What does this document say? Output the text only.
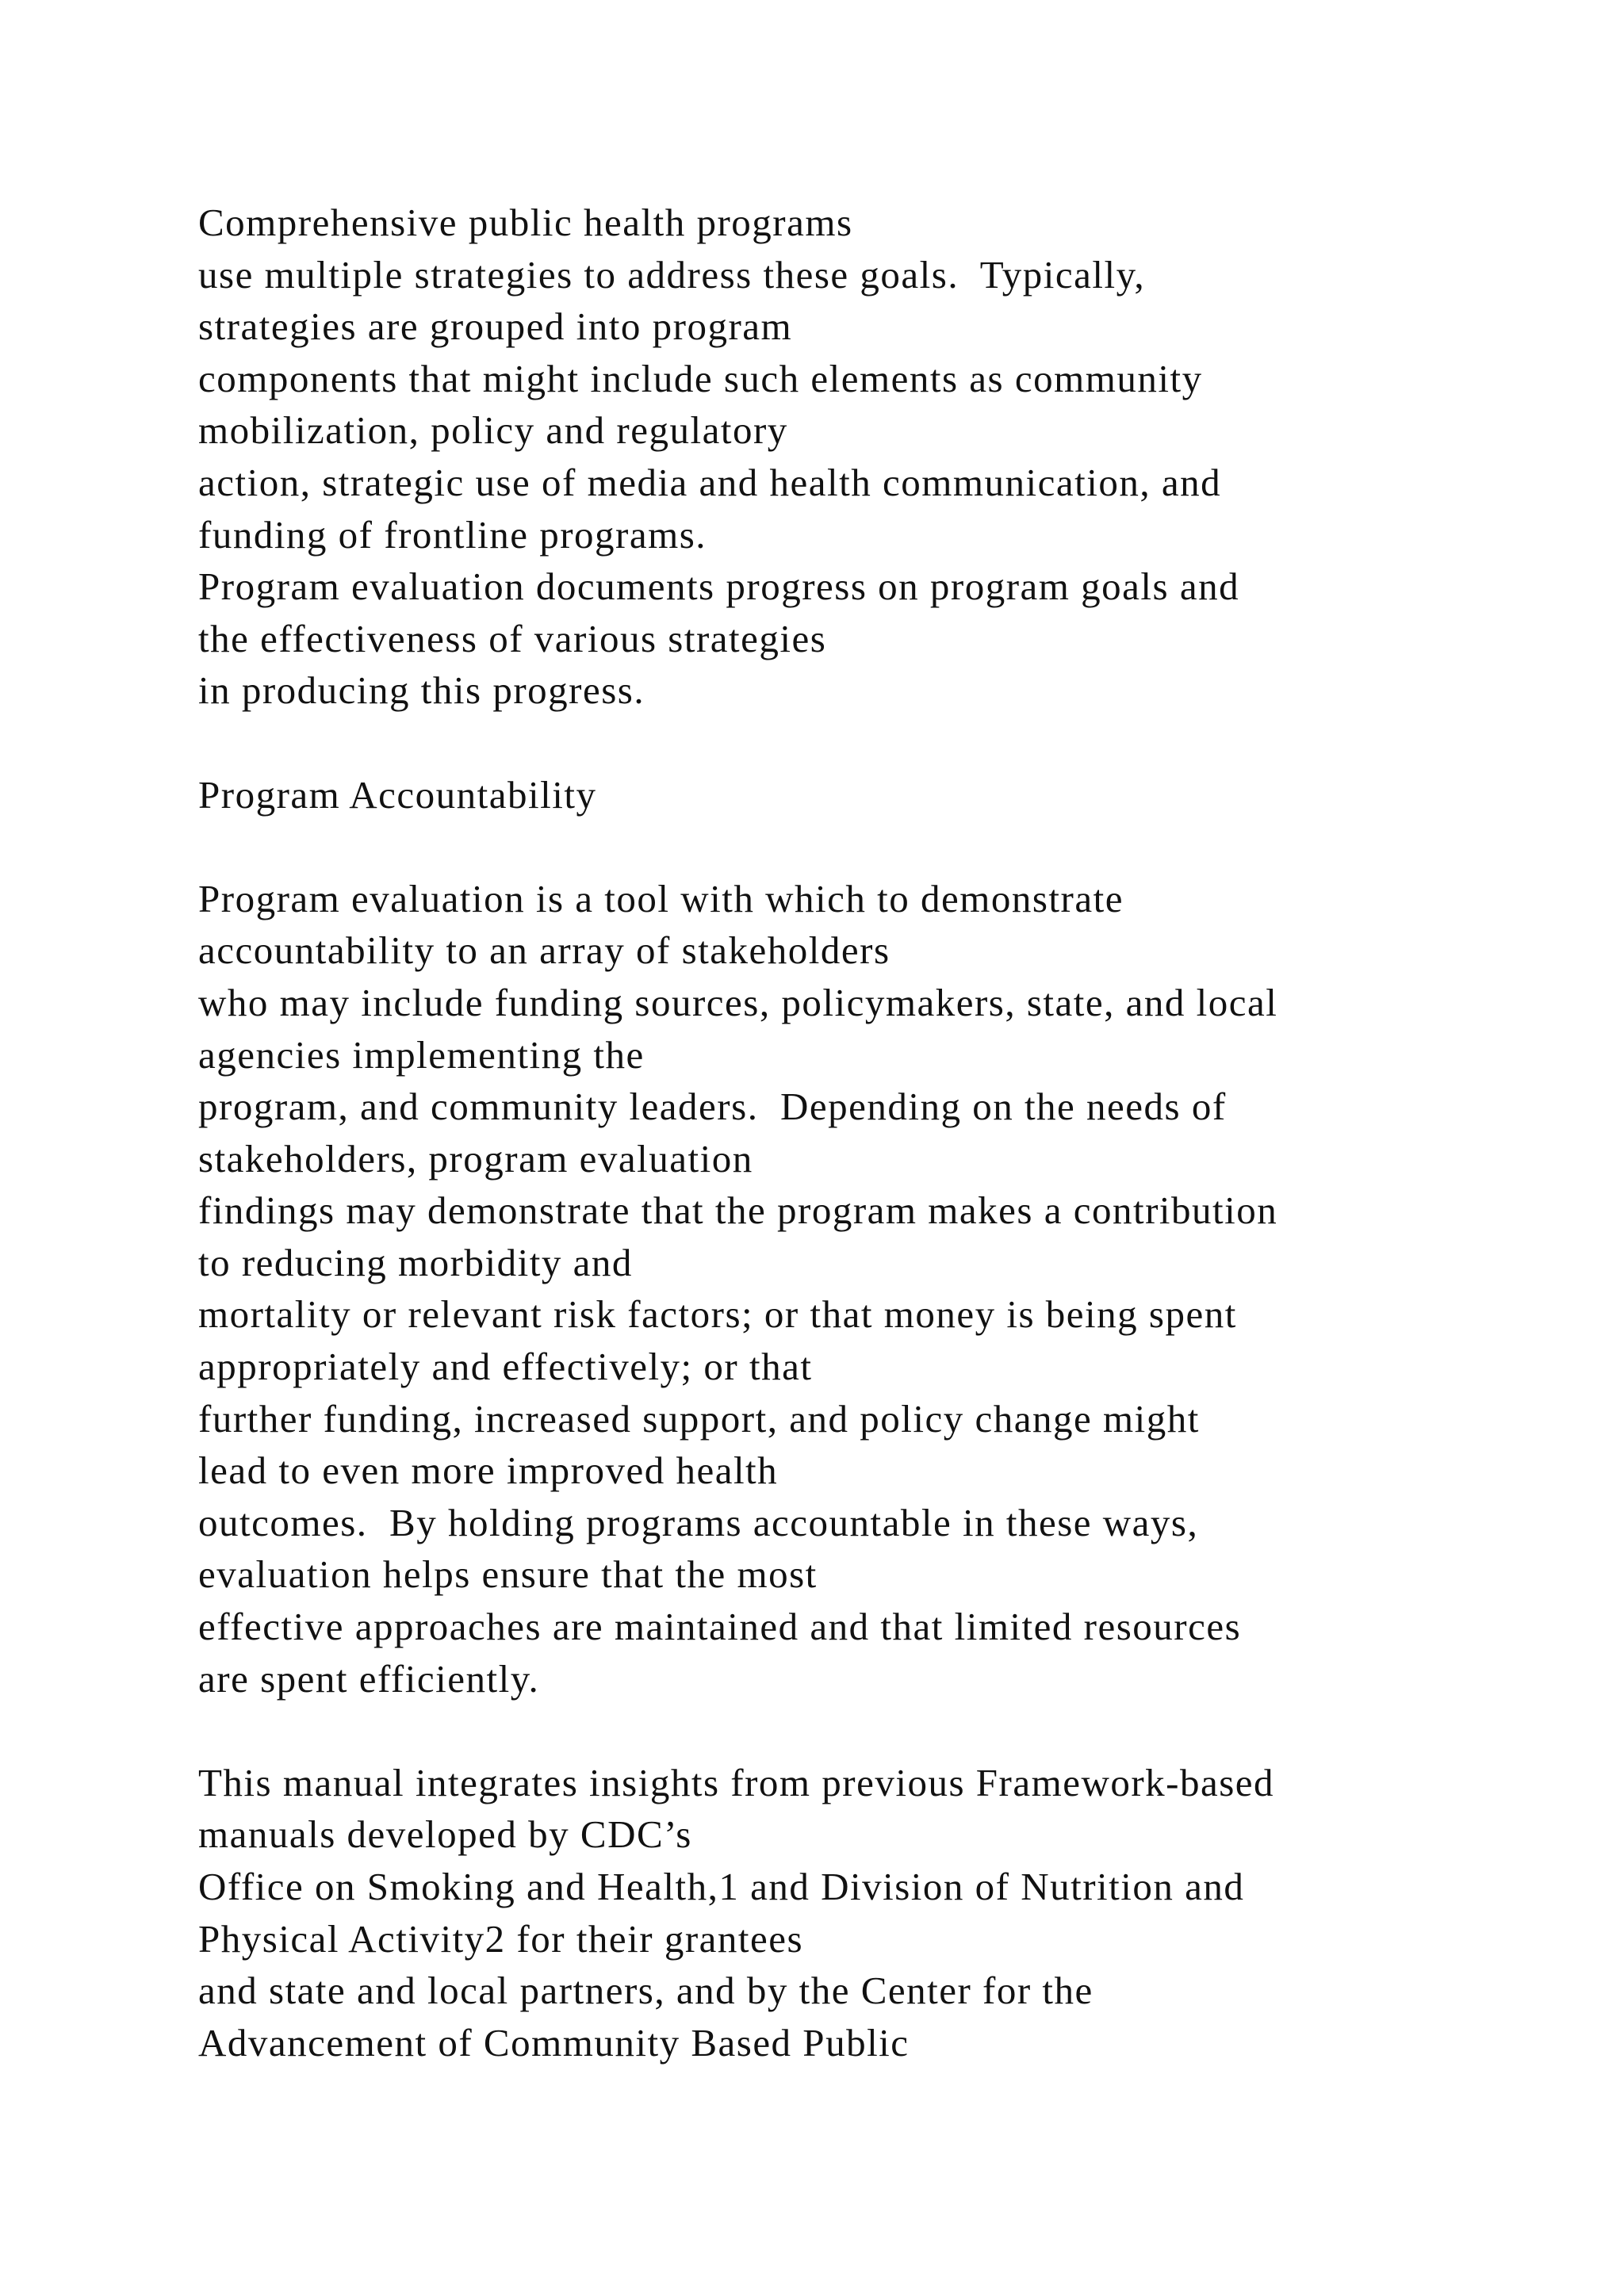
Comprehensive public health programs
use multiple strategies to address these goals.  Typically,
strategies are grouped into program
components that might include such elements as community
mobilization, policy and regulatory
action, strategic use of media and health communication, and
funding of frontline programs.
Program evaluation documents progress on program goals and
the effectiveness of various strategies
in producing this progress.
Program Accountability
Program evaluation is a tool with which to demonstrate
accountability to an array of stakeholders
who may include funding sources, policymakers, state, and local
agencies implementing the
program, and community leaders.  Depending on the needs of
stakeholders, program evaluation
findings may demonstrate that the program makes a contribution
to reducing morbidity and
mortality or relevant risk factors; or that money is being spent
appropriately and effectively; or that
further funding, increased support, and policy change might
lead to even more improved health
outcomes.  By holding programs accountable in these ways,
evaluation helps ensure that the most
effective approaches are maintained and that limited resources
are spent efficiently.
This manual integrates insights from previous Framework-based
manuals developed by CDC’s
Office on Smoking and Health,1 and Division of Nutrition and
Physical Activity2 for their grantees
and state and local partners, and by the Center for the
Advancement of Community Based Public
